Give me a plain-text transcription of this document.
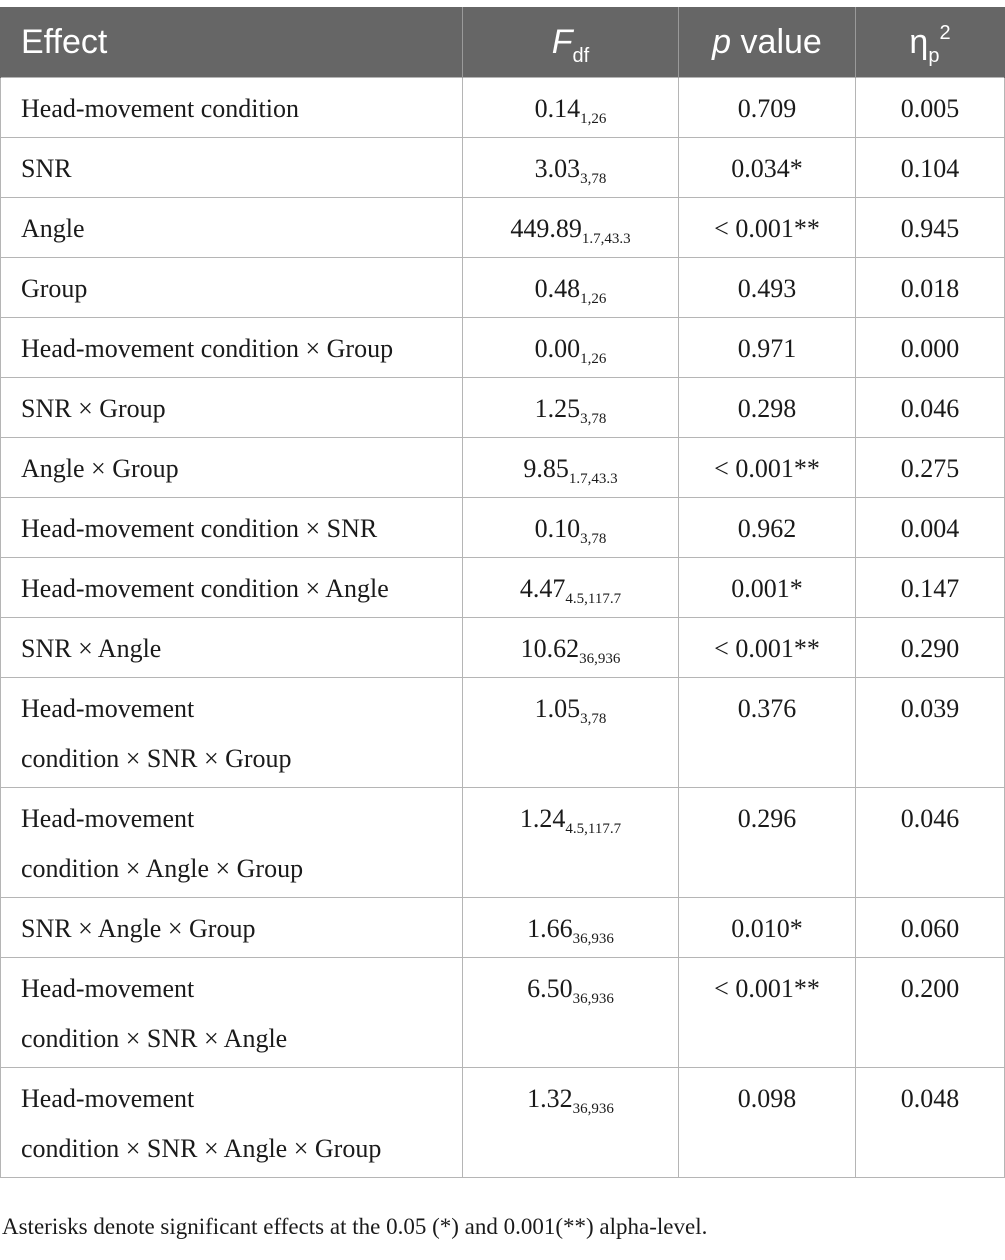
Effect	$F_{df}$	p value	$\eta_p^2$

Head-movement condition	$0.14_{1,26}$	0.709	0.005

SNR	$3.03_{3,78}$	0.034*	0.104

Angle	$449.89_{1.7,43.3}$	< 0.001**	0.945

Group	$0.48_{1,26}$	0.493	0.018

Head-movement condition × Group	$0.00_{1,26}$	0.971	0.000

SNR × Group	$1.25_{3,78}$	0.298	0.046

Angle × Group	$9.85_{1.7,43.3}$	< 0.001**	0.275

Head-movement condition × SNR	$0.10_{3,78}$	0.962	0.004

Head-movement condition × Angle	$4.47_{4.5,117.7}$	0.001*	0.147

SNR × Angle	$10.62_{36,936}$	< 0.001**	0.290

Head-movement
condition × SNR × Group	$1.05_{3,78}$	0.376	0.039

Head-movement
condition × Angle × Group	$1.24_{4.5,117.7}$	0.296	0.046

SNR × Angle × Group	$1.66_{36,936}$	0.010*	0.060

Head-movement
condition × SNR × Angle	$6.50_{36,936}$	< 0.001**	0.200

Head-movement
condition × SNR × Angle × Group	$1.32_{36,936}$	0.098	0.048
Asterisks denote significant effects at the 0.05 (*) and 0.001(**) alpha-level.
